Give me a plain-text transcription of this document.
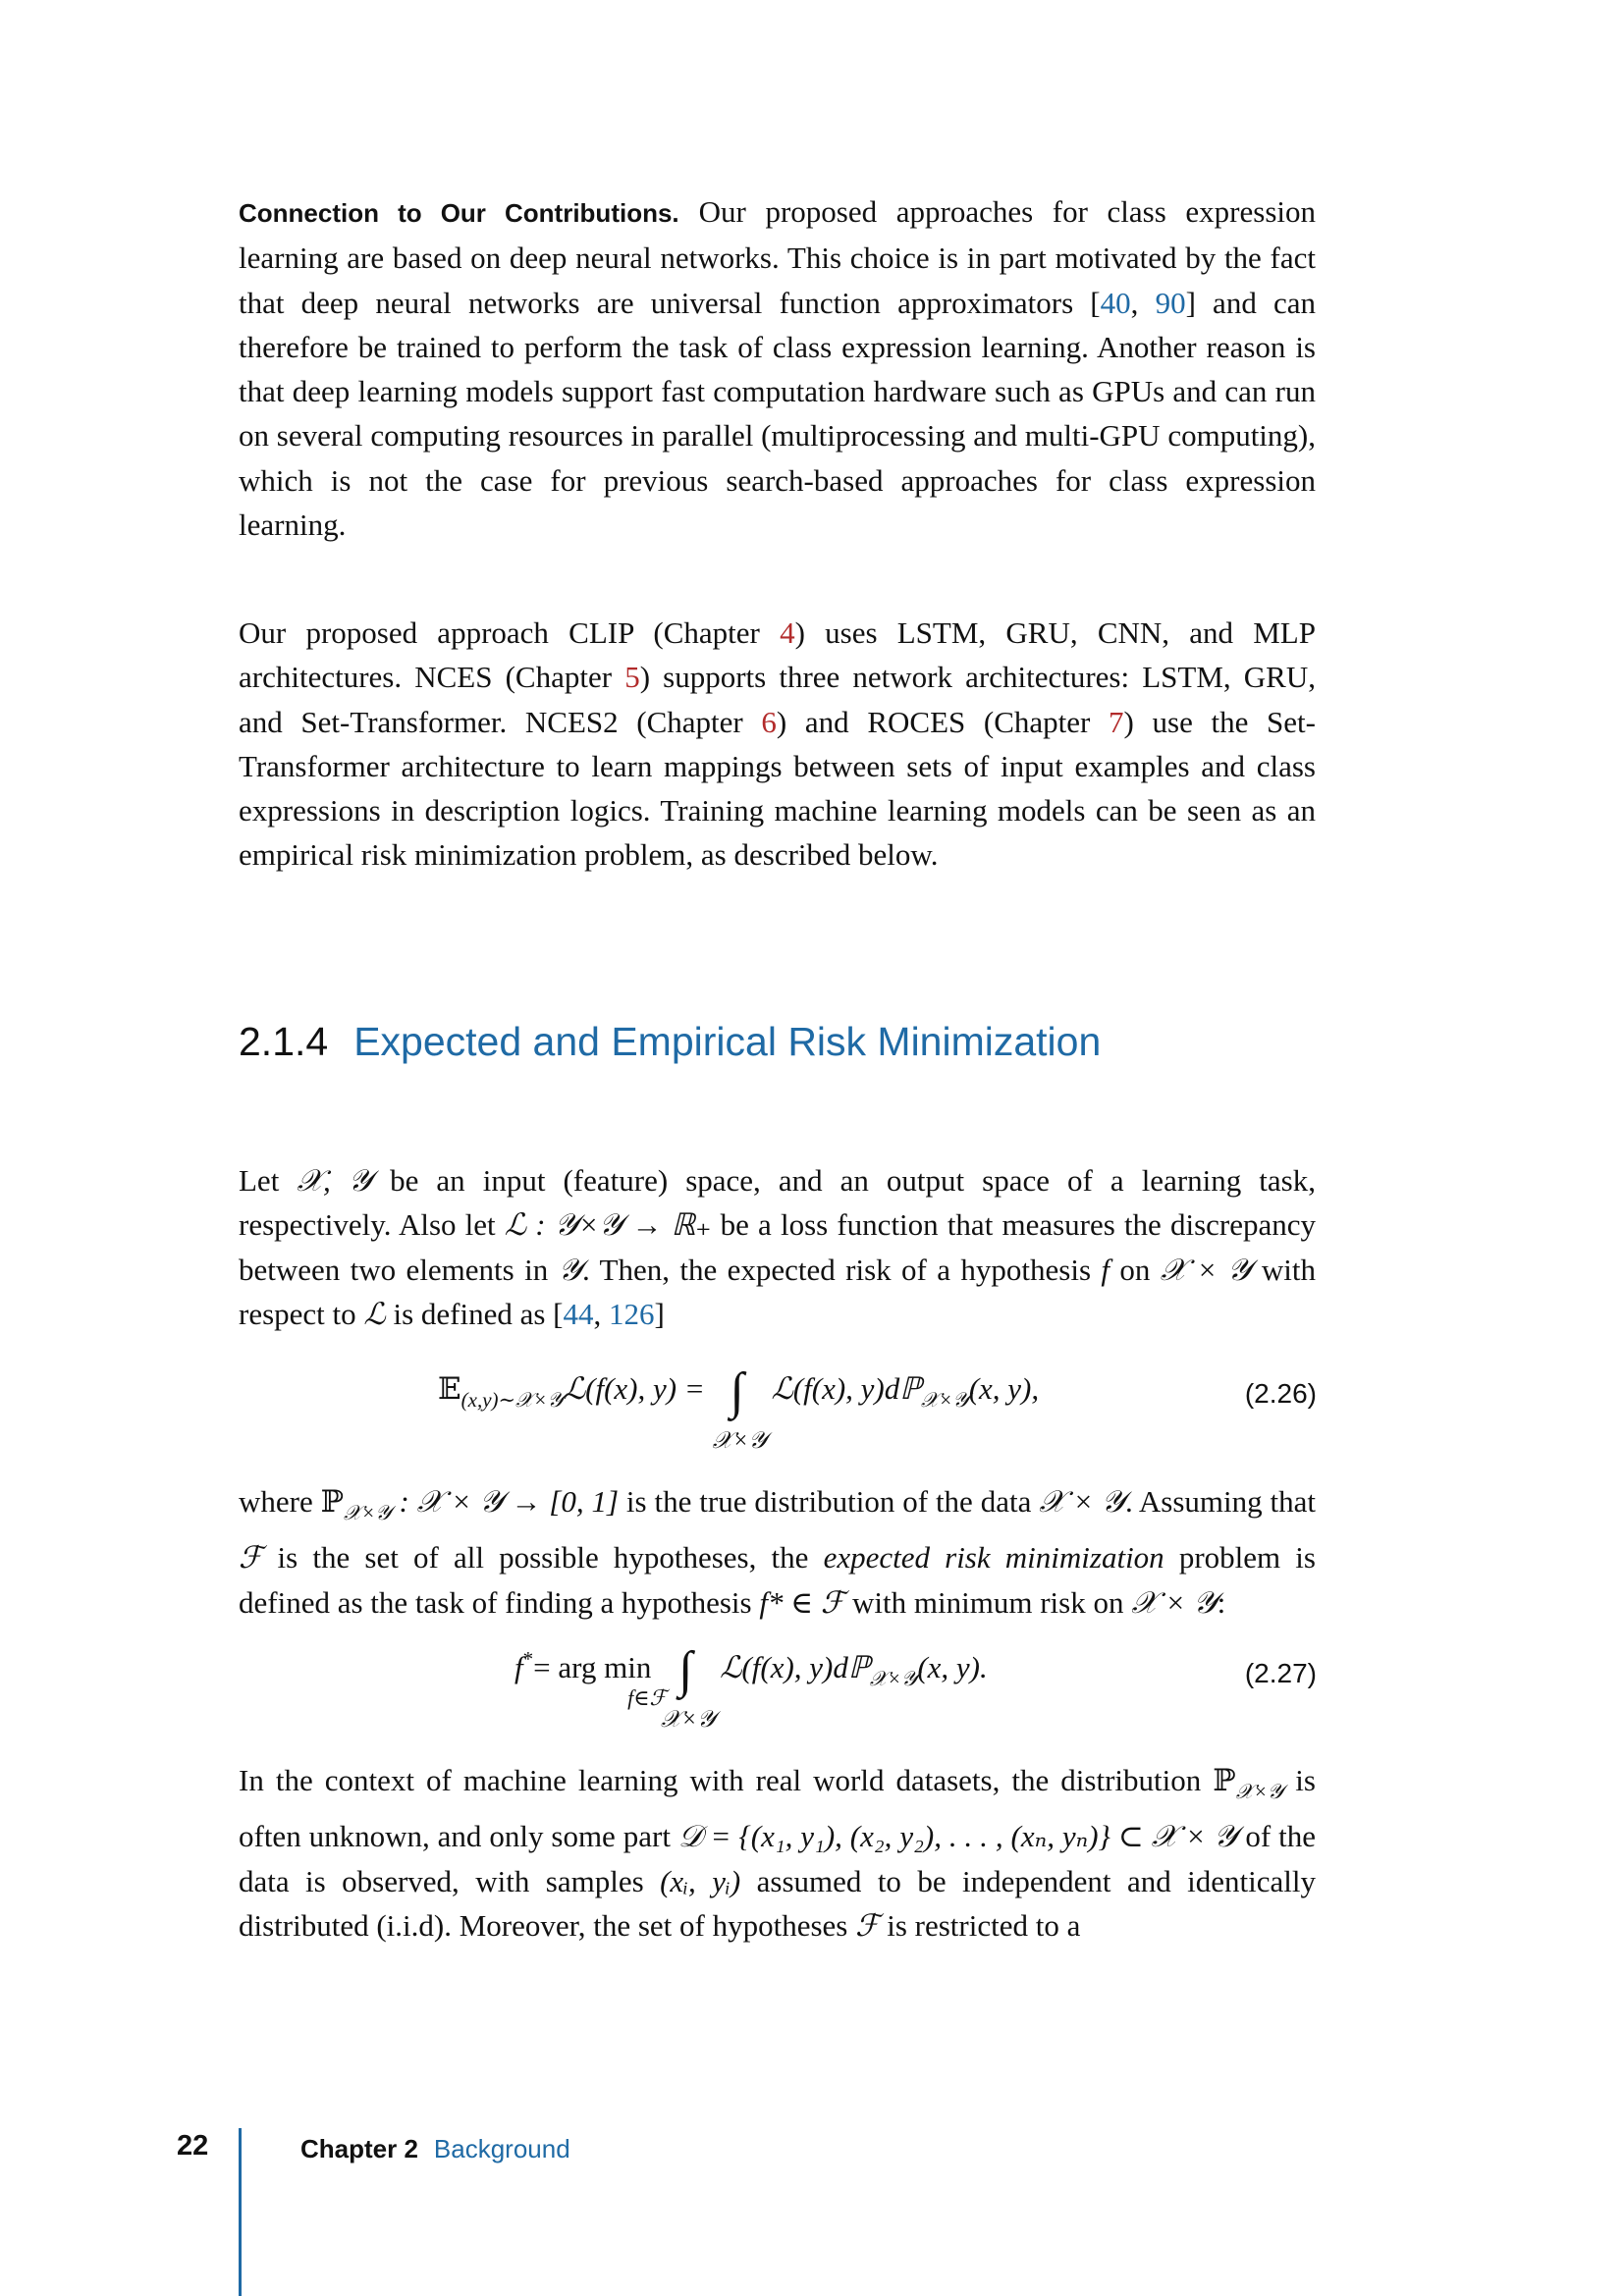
Connection to Our Contributions. Our proposed approaches for class expression learning are based on deep neural networks. This choice is in part motivated by the fact that deep neural networks are universal function approximators [40, 90] and can therefore be trained to perform the task of class expression learning. Another reason is that deep learning models support fast computation hardware such as GPUs and can run on several computing resources in parallel (multiprocessing and multi-GPU computing), which is not the case for previous search-based approaches for class expression learning.
Our proposed approach CLIP (Chapter 4) uses LSTM, GRU, CNN, and MLP architectures. NCES (Chapter 5) supports three network architectures: LSTM, GRU, and Set-Transformer. NCES2 (Chapter 6) and ROCES (Chapter 7) use the Set-Transformer architecture to learn mappings between sets of input examples and class expressions in description logics. Training machine learning models can be seen as an empirical risk minimization problem, as described below.
2.1.4 Expected and Empirical Risk Minimization
Let 𝒳, 𝒴 be an input (feature) space, and an output space of a learning task, respectively. Also let ℒ : 𝒴×𝒴 → ℝ₊ be a loss function that measures the discrepancy between two elements in 𝒴. Then, the expected risk of a hypothesis f on 𝒳 × 𝒴 with respect to ℒ is defined as [44, 126]
𝔼$_{(x,y)\sim 𝒳\times 𝒴}$ℒ(f(x), y) = ∫
𝒳×𝒴
ℒ(f(x), y)dℙ$_{𝒳\times 𝒴}$(x, y),	(2.26)
where ℙ$_{𝒳\times 𝒴}$ : 𝒳 × 𝒴 → [0, 1] is the true distribution of the data 𝒳 × 𝒴. Assuming that ℱ is the set of all possible hypotheses, the expected risk minimization problem is defined as the task of finding a hypothesis f* ∈ ℱ with minimum risk on 𝒳 × 𝒴:
f*= arg min
f∈ℱ ∫
𝒳×𝒴
ℒ(f(x), y)dℙ$_{𝒳\times 𝒴}$(x, y).	(2.27)
In the context of machine learning with real world datasets, the distribution ℙ$_{𝒳\times 𝒴}$ is often unknown, and only some part 𝒟 = {(x₁, y₁), (x₂, y₂), . . . , (xₙ, yₙ)} ⊂ 𝒳 × 𝒴 of the data is observed, with samples (xᵢ, yᵢ) assumed to be independent and identically distributed (i.i.d). Moreover, the set of hypotheses ℱ is restricted to a
22	Chapter 2 Background
